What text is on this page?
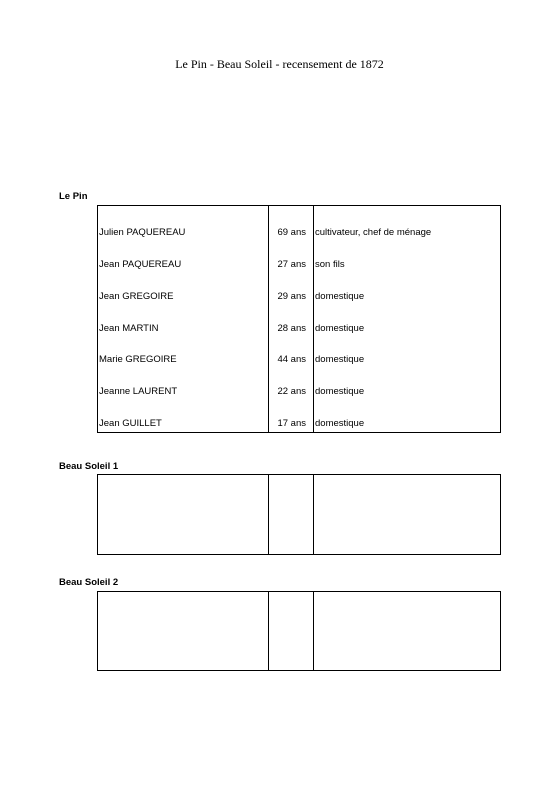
Le Pin - Beau Soleil - recensement de 1872
Le Pin
Julien PAQUEREAU	69 ans cultivateur, chef de ménage
Jean PAQUEREAU	27 ans son fils
Jean GREGOIRE	29 ans domestique
Jean MARTIN	28 ans domestique
Marie GREGOIRE	44 ans domestique
Jeanne LAURENT	22 ans domestique
Jean GUILLET	17 ans domestique
Beau Soleil 1
Beau Soleil 2
